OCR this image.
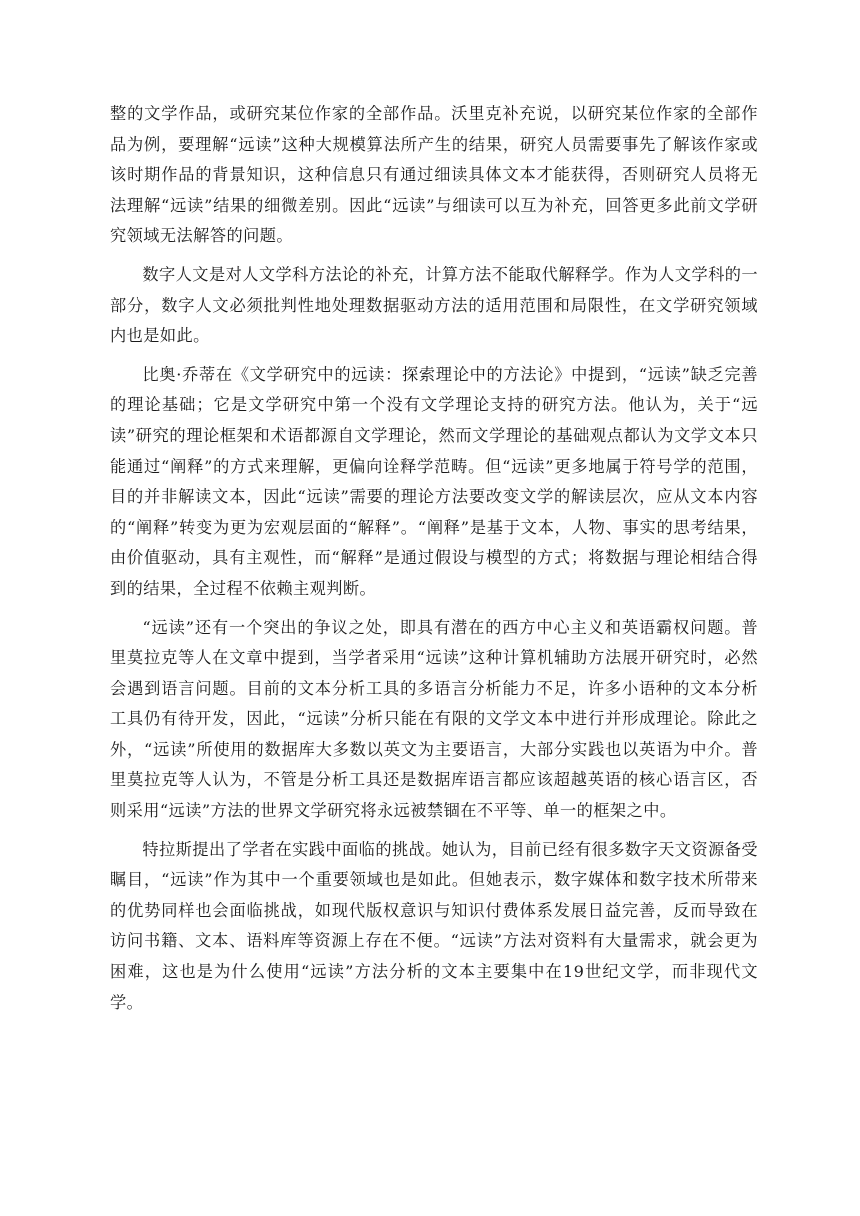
整的文学作品，或研究某位作家的全部作品。沃里克补充说，以研究某位作家的全部作品为例，要理解“远读”这种大规模算法所产生的结果，研究人员需要事先了解该作家或该时期作品的背景知识，这种信息只有通过细读具体文本才能获得，否则研究人员将无法理解“远读”结果的细微差别。因此“远读”与细读可以互为补充，回答更多此前文学研究领域无法解答的问题。

数字人文是对人文学科方法论的补充，计算方法不能取代解释学。作为人文学科的一部分，数字人文必须批判性地处理数据驱动方法的适用范围和局限性，在文学研究领域内也是如此。

比奥·乔蒂在《文学研究中的远读：探索理论中的方法论》中提到，“远读”缺乏完善的理论基础；它是文学研究中第一个没有文学理论支持的研究方法。他认为，关于“远读”研究的理论框架和术语都源自文学理论，然而文学理论的基础观点都认为文学文本只能通过“阐释”的方式来理解，更偏向诠释学范畴。但“远读”更多地属于符号学的范围，目的并非解读文本，因此“远读”需要的理论方法要改变文学的解读层次，应从文本内容的“阐释”转变为更为宏观层面的“解释”。“阐释”是基于文本，人物、事实的思考结果，由价值驱动，具有主观性，而“解释”是通过假设与模型的方式；将数据与理论相结合得到的结果，全过程不依赖主观判断。

“远读”还有一个突出的争议之处，即具有潜在的西方中心主义和英语霸权问题。普里莫拉克等人在文章中提到，当学者采用“远读”这种计算机辅助方法展开研究时，必然会遇到语言问题。目前的文本分析工具的多语言分析能力不足，许多小语种的文本分析工具仍有待开发，因此，“远读”分析只能在有限的文学文本中进行并形成理论。除此之外，“远读”所使用的数据库大多数以英文为主要语言，大部分实践也以英语为中介。普里莫拉克等人认为，不管是分析工具还是数据库语言都应该超越英语的核心语言区，否则采用“远读”方法的世界文学研究将永远被禁锢在不平等、单一的框架之中。

特拉斯提出了学者在实践中面临的挑战。她认为，目前已经有很多数字天文资源备受瞩目，“远读”作为其中一个重要领域也是如此。但她表示，数字媒体和数字技术所带来的优势同样也会面临挑战，如现代版权意识与知识付费体系发展日益完善，反而导致在访问书籍、文本、语料库等资源上存在不便。“远读”方法对资料有大量需求，就会更为困难，这也是为什么使用“远读”方法分析的文本主要集中在19世纪文学，而非现代文学。
